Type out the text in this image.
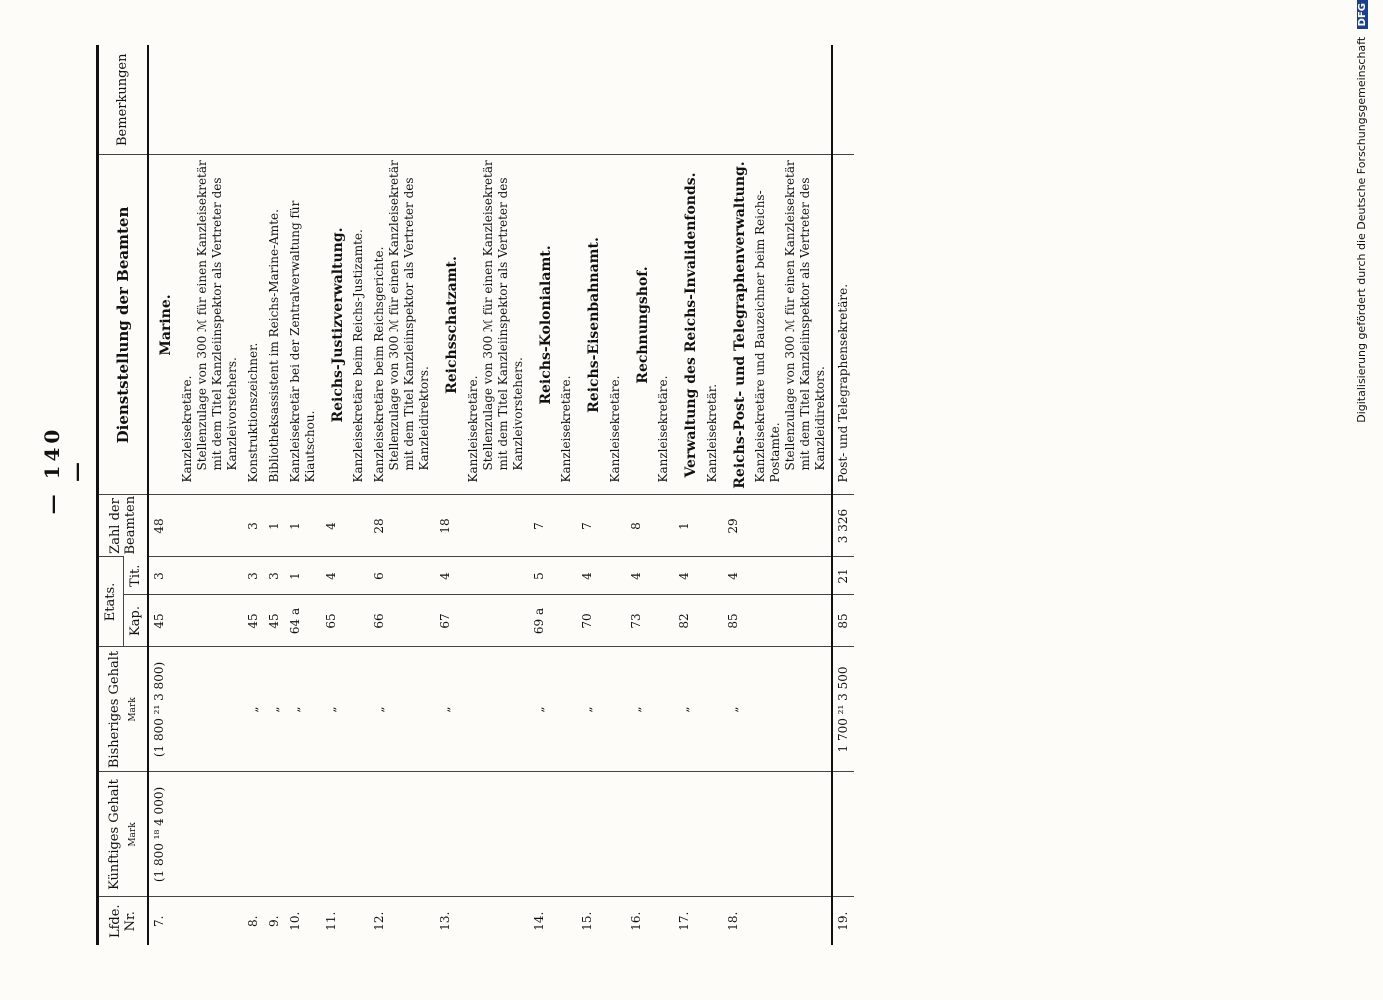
— 140 —
Lfde. Nr.	Künftiges Gehalt Mark	Bisheriges Gehalt Mark	Etats.		Zahl der Beamten	Dienststellung der Beamten	Bemerkungen
			Kap.	Tit.			
7.	(1 800 ¹⁸ 4 000)	(1 800 ²¹ 3 800)	45	3	48	Marine.
Kanzleisekretäre. Stellenzulage von 300 ℳ für einen Kanzleisekretär mit dem Titel Kanzleiinspektor als Vertreter des Kanzleivorstehers.	

8.		„	45	3	3	Konstruktionszeichner.	

9.		„	45	3	1	Bibliotheksassistent im Reichs-Marine-Amte.	

10.		„	64 a	1	1	Kanzleisekretär bei der Zentralverwaltung für Kiautschou.	

11.		„	65	4	4	Reichs-Justizverwaltung. Kanzleisekretäre beim Reichs-Justizamte.	

12.		„	66	6	28	Kanzleisekretäre beim Reichsgerichte. Stellenzulage von 300 ℳ für einen Kanzleisekretär mit dem Titel Kanzleiinspektor als Vertreter des Kanzleidirektors.	

13.		„	67	4	18	Reichsschatzamt.
Kanzleisekretäre. Stellenzulage von 300 ℳ für einen Kanzleisekretär mit dem Titel Kanzleiinspektor als Vertreter des Kanzleivorstehers.	

14.		„	69 a	5	7	Reichs-Kolonialamt.
Kanzleisekretäre.	

15.		„	70	4	7	Reichs-Eisenbahnamt.
Kanzleisekretäre.	

16.		„	73	4	8	Rechnungshof.
Kanzleisekretäre.	

17.		„	82	4	1	Verwaltung des Reichs-Invalidenfonds. Kanzleisekretär.	

18.		„	85	4	29	Reichs-Post- und Telegraphenverwaltung. Kanzleisekretäre und Bauzeichner beim Reichs-Postamte. Stellenzulage von 300 ℳ für einen Kanzleisekretär mit dem Titel Kanzleiinspektor als Vertreter des Kanzleidirektors.	

19.		1 700 ²¹ 3 500	85	21	3 326	Post- und Telegraphensekretäre.	
		Digitalisierung gefördert durch die Deutsche Forschungsgemeinschaft DFG
